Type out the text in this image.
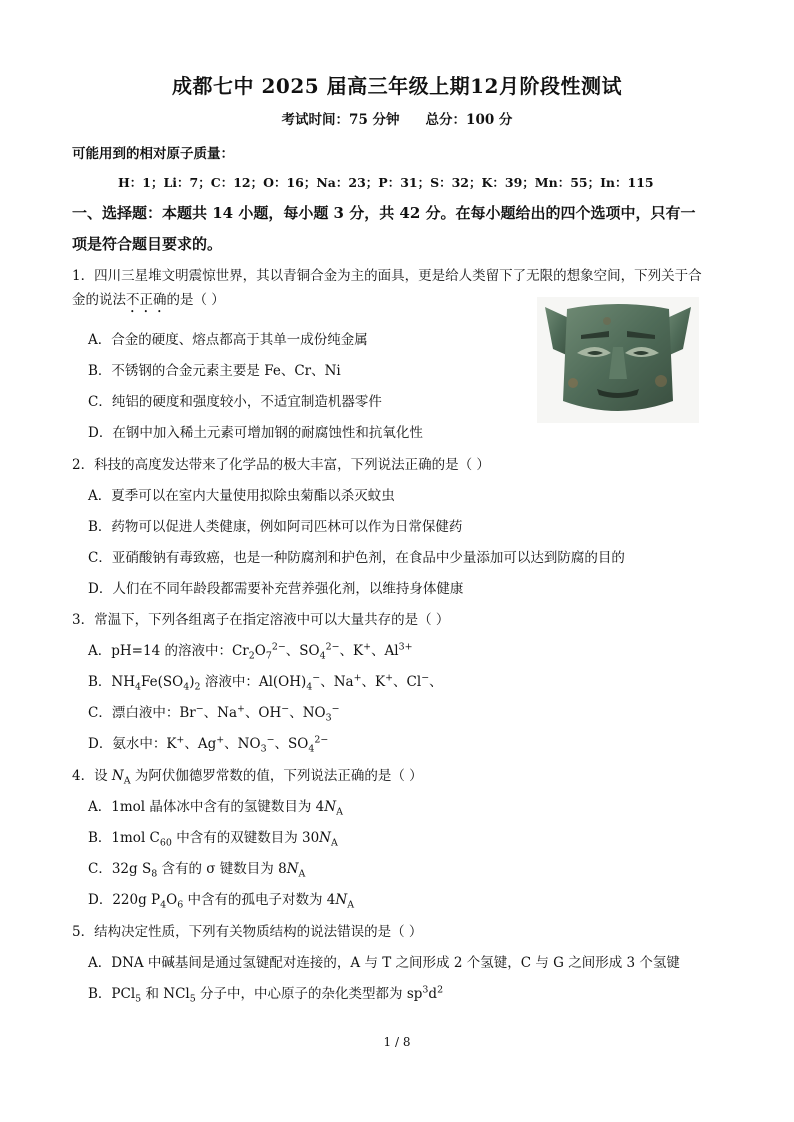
成都七中 2025 届高三年级上期12月阶段性测试
考试时间：75 分钟 总分：100 分
可能用到的相对原子质量：
H：1；Li：7；C：12；O：16；Na：23；P：31；S：32；K：39；Mn：55；In：115
一、选择题：本题共 14 小题，每小题 3 分，共 42 分。在每小题给出的四个选项中，只有一
项是符合题目要求的。
1．四川三星堆文明震惊世界，其以青铜合金为主的面具，更是给人类留下了无限的想象空间，下列关于合
金的说法不正确的是（ ）
A．合金的硬度、熔点都高于其单一成份纯金属
B．不锈钢的合金元素主要是 Fe、Cr、Ni
C．纯铝的硬度和强度较小，不适宜制造机器零件
D．在钢中加入稀土元素可增加钢的耐腐蚀性和抗氧化性
2．科技的高度发达带来了化学品的极大丰富，下列说法正确的是（ ）
A．夏季可以在室内大量使用拟除虫菊酯以杀灭蚊虫
B．药物可以促进人类健康，例如阿司匹林可以作为日常保健药
C．亚硝酸钠有毒致癌，也是一种防腐剂和护色剂，在食品中少量添加可以达到防腐的目的
D．人们在不同年龄段都需要补充营养强化剂，以维持身体健康
3．常温下，下列各组离子在指定溶液中可以大量共存的是（ ）
A．pH=14 的溶液中：$Cr_2O_7^{2-}$、$SO_4^{2-}$、K+、$Al^{3+}$
B．$NH_4Fe(SO_4)_2$ 溶液中：$Al(OH)_4^-$、Na+、K+、Cl−、
C．漂白液中：Br−、Na+、OH−、$NO_3^-$
D．氨水中：K+、Ag+、$NO_3^-$、$SO_4^{2-}$
4．设 $N_A$ 为阿伏伽德罗常数的值，下列说法正确的是（ ）
A．1mol 晶体冰中含有的氢键数目为 $4N_A$
B．1mol $C_{60}$ 中含有的双键数目为 $30N_A$
C．32g $S_8$ 含有的 σ 键数目为 $8N_A$
D．220g $P_4O_6$ 中含有的孤电子对数为 $4N_A$
5．结构决定性质，下列有关物质结构的说法错误的是（ ）
A．DNA 中碱基间是通过氢键配对连接的，A 与 T 之间形成 2 个氢键，C 与 G 之间形成 3 个氢键
B．PCl$_5$ 和 NCl$_5$ 分子中，中心原子的杂化类型都为 $sp^3d^2$
1 / 8
